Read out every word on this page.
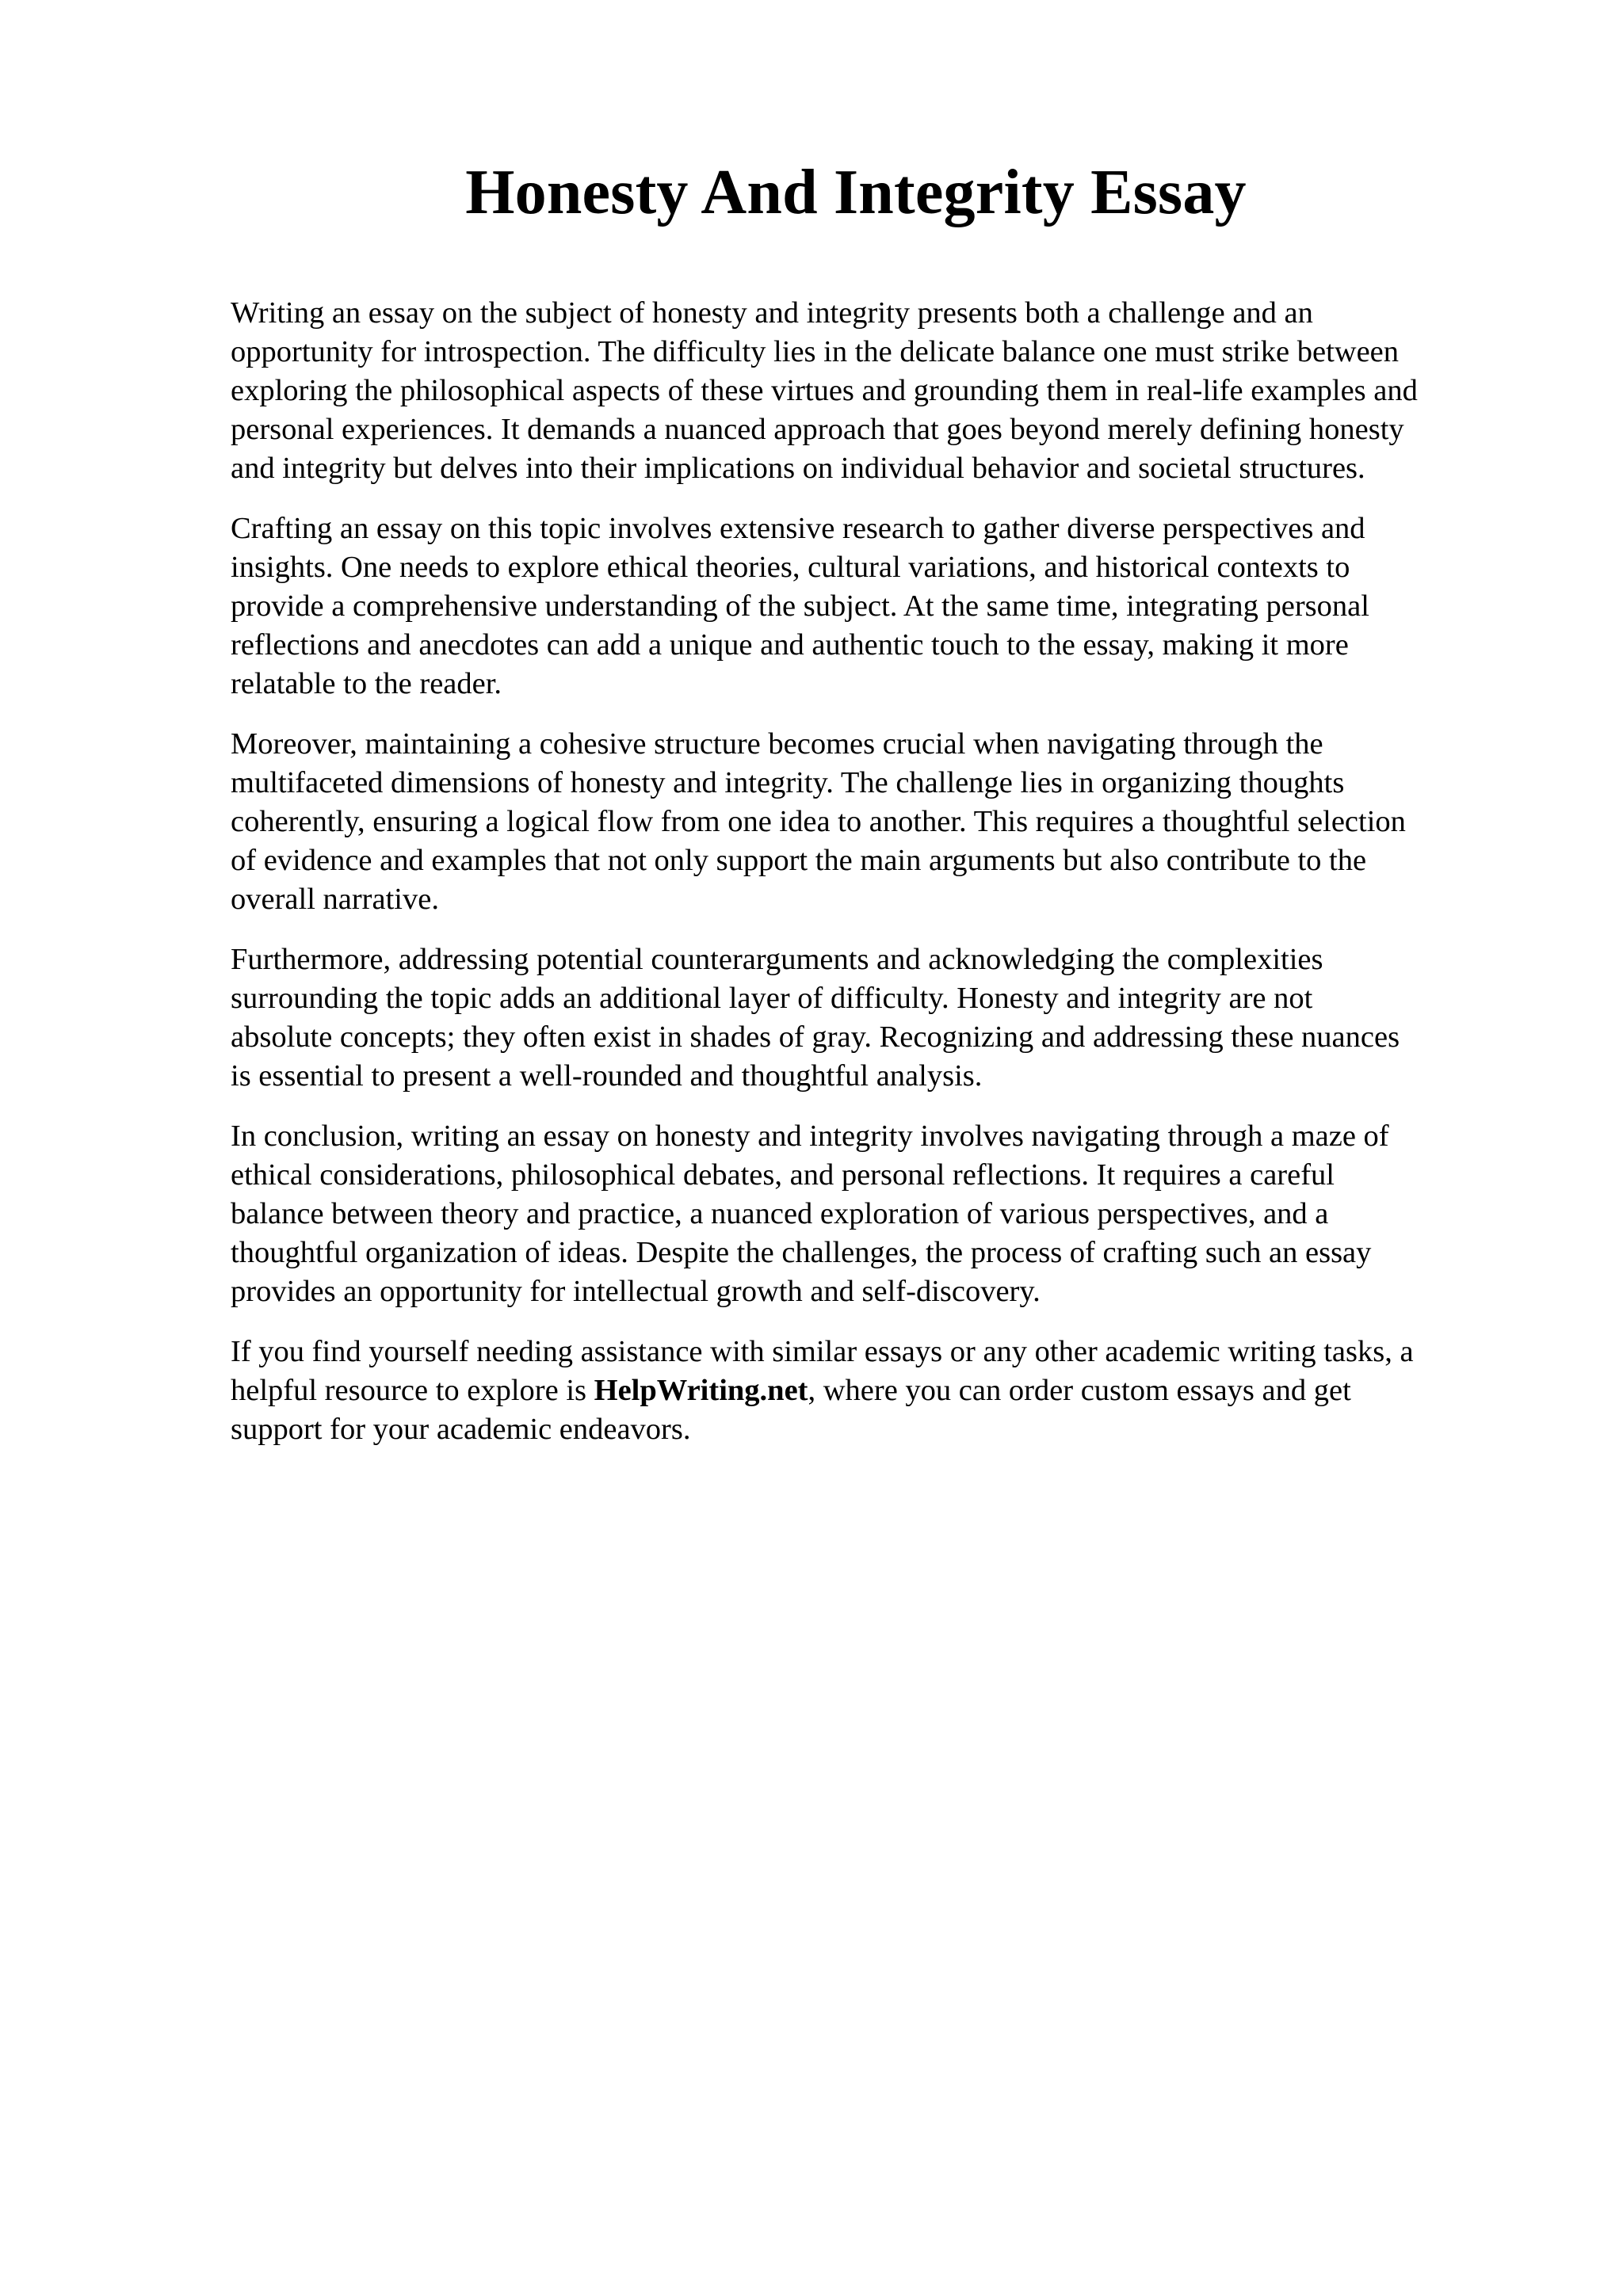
Honesty And Integrity Essay

Writing an essay on the subject of honesty and integrity presents both a challenge and an
opportunity for introspection. The difficulty lies in the delicate balance one must strike between
exploring the philosophical aspects of these virtues and grounding them in real-life examples and
personal experiences. It demands a nuanced approach that goes beyond merely defining honesty
and integrity but delves into their implications on individual behavior and societal structures.

Crafting an essay on this topic involves extensive research to gather diverse perspectives and
insights. One needs to explore ethical theories, cultural variations, and historical contexts to
provide a comprehensive understanding of the subject. At the same time, integrating personal
reflections and anecdotes can add a unique and authentic touch to the essay, making it more
relatable to the reader.

Moreover, maintaining a cohesive structure becomes crucial when navigating through the
multifaceted dimensions of honesty and integrity. The challenge lies in organizing thoughts
coherently, ensuring a logical flow from one idea to another. This requires a thoughtful selection
of evidence and examples that not only support the main arguments but also contribute to the
overall narrative.

Furthermore, addressing potential counterarguments and acknowledging the complexities
surrounding the topic adds an additional layer of difficulty. Honesty and integrity are not
absolute concepts; they often exist in shades of gray. Recognizing and addressing these nuances
is essential to present a well-rounded and thoughtful analysis.

In conclusion, writing an essay on honesty and integrity involves navigating through a maze of
ethical considerations, philosophical debates, and personal reflections. It requires a careful
balance between theory and practice, a nuanced exploration of various perspectives, and a
thoughtful organization of ideas. Despite the challenges, the process of crafting such an essay
provides an opportunity for intellectual growth and self-discovery.

If you find yourself needing assistance with similar essays or any other academic writing tasks, a
helpful resource to explore is HelpWriting.net, where you can order custom essays and get
support for your academic endeavors.
